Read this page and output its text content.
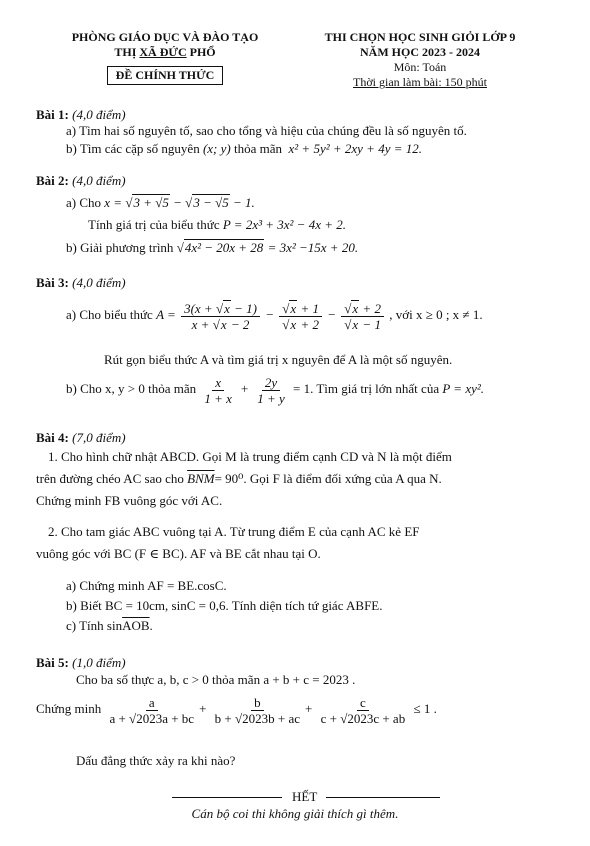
PHÒNG GIÁO DỤC VÀ ĐÀO TẠO
THỊ XÃ ĐỨC PHỔ
ĐỀ CHÍNH THỨC
THI CHỌN HỌC SINH GIỎI LỚP 9
NĂM HỌC 2023 - 2024
Môn: Toán
Thời gian làm bài: 150 phút
Bài 1: (4,0 điểm)
a) Tìm hai số nguyên tố, sao cho tổng và hiệu của chúng đều là số nguyên tố.
b) Tìm các cặp số nguyên (x; y) thỏa mãn x² + 5y² + 2xy + 4y = 12.
Bài 2: (4,0 điểm)
a) Cho x = √3 + √5 − √3 − √5 − 1.
Tính giá trị của biểu thức P = 2x³ + 3x² − 4x + 2.
b) Giải phương trình √4x² − 20x + 28 = 3x² −15x + 20.
Bài 3: (4,0 điểm)
a) Cho biểu thức $A = \frac{3(x + √x - 1)}{x + √x - 2} - \frac{√x + 1}{√x + 2} - \frac{√x + 2}{√x - 1}$ , với x ≥ 0 ; x ≠ 1.
Rút gọn biểu thức A và tìm giá trị x nguyên để A là một số nguyên.
b) Cho x, y > 0 thỏa mãn $\frac{x}{1 + x} + \frac{2y}{1 + y} = 1$. Tìm giá trị lớn nhất của P = xy².
Bài 4: (7,0 điểm)
1. Cho hình chữ nhật ABCD. Gọi M là trung điểm cạnh CD và N là một điểm
trên đường chéo AC sao cho $\overline{BNM}= 90^0$. Gọi F là điểm đối xứng của A qua N.
Chứng minh FB vuông góc với AC.
2. Cho tam giác ABC vuông tại A. Từ trung điểm E của cạnh AC kẻ EF
vuông góc với BC (F ∈ BC). AF và BE cắt nhau tại O.
a) Chứng minh AF = BE.cosC.
b) Biết BC = 10cm, sinC = 0,6. Tính diện tích tứ giác ABFE.
c) Tính $\sin\overline{AOB}$.
Bài 5: (1,0 điểm)
Cho ba số thực a, b, c > 0 thỏa mãn a + b + c = 2023 .
Chứng minh $\frac{a}{a + √2023a + bc} + \frac{b}{b + √2023b + ac} + \frac{c}{c + √2023c + ab} \le 1$ .
Dấu đẳng thức xảy ra khi nào?
HẾT
Cán bộ coi thi không giải thích gì thêm.
